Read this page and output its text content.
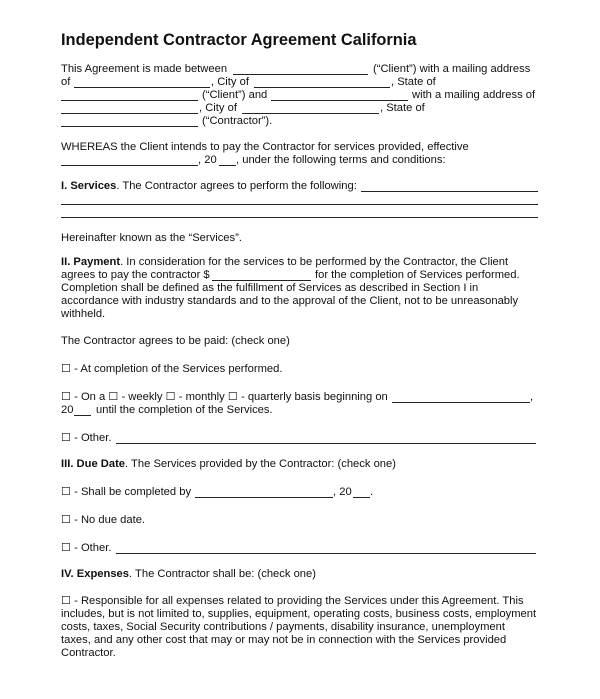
Independent Contractor Agreement California
This Agreement is made between	(“Client”) with a mailing address
of	, City of	, State of
(“Client”) and	with a mailing address of
, City of	, State of
(“Contractor”).
WHEREAS the Client intends to pay the Contractor for services provided, effective
, 20 , under the following terms and conditions:
I. Services. The Contractor agrees to perform the following:
Hereinafter known as the “Services”.
II. Payment. In consideration for the services to be performed by the Contractor, the Client
agrees to pay the contractor $	for the completion of Services performed.
Completion shall be defined as the fulfillment of Services as described in Section I in
accordance with industry standards and to the approval of the Client, not to be unreasonably
withheld.
The Contractor agrees to be paid: (check one)
☐ - At completion of the Services performed.
☐ - On a ☐ - weekly ☐ - monthly ☐ - quarterly basis beginning on	,
20 until the completion of the Services.
☐ - Other.
III. Due Date. The Services provided by the Contractor: (check one)
☐ - Shall be completed by	, 20 .
☐ - No due date.
☐ - Other.
IV. Expenses. The Contractor shall be: (check one)
☐ - Responsible for all expenses related to providing the Services under this Agreement. This
includes, but is not limited to, supplies, equipment, operating costs, business costs, employment
costs, taxes, Social Security contributions / payments, disability insurance, unemployment
taxes, and any other cost that may or may not be in connection with the Services provided
Contractor.
